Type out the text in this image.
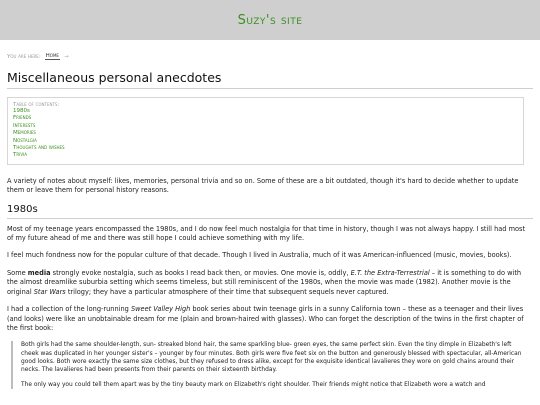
Suzy's site
You are here: Home →
Miscellaneous personal anecdotes
Table of contents:
1980s
Friends
Interests
Memories
Nostalgia
Thoughts and wishes
Trivia

A variety of notes about myself: likes, memories, personal trivia and so on. Some of these are a bit outdated, though it's hard to decide whether to update them or leave them for personal history reasons.

1980s

Most of my teenage years encompassed the 1980s, and I do now feel much nostalgia for that time in history, though I was not always happy. I still had most of my future ahead of me and there was still hope I could achieve something with my life.

I feel much fondness now for the popular culture of that decade. Though I lived in Australia, much of it was American-influenced (music, movies, books).

Some media strongly evoke nostalgia, such as books I read back then, or movies. One movie is, oddly, E.T. the Extra-Terrestrial – it is something to do with the almost dreamlike suburbia setting which seems timeless, but still reminiscent of the 1980s, when the movie was made (1982). Another movie is the original Star Wars trilogy; they have a particular atmosphere of their time that subsequent sequels never captured.

I had a collection of the long-running Sweet Valley High book series about twin teenage girls in a sunny California town – these as a teenager and their lives (and looks) were like an unobtainable dream for me (plain and brown-haired with glasses). Who can forget the description of the twins in the first chapter of the first book:

Both girls had the same shoulder-length, sun- streaked blond hair, the same sparkling blue- green eyes, the same perfect skin. Even the tiny dimple in Elizabeth's left cheek was duplicated in her younger sister's – younger by four minutes. Both girls were five feet six on the button and generously blessed with spectacular, all-American good looks. Both wore exactly the same size clothes, but they refused to dress alike, except for the exquisite identical lavalieres they wore on gold chains around their necks. The lavalieres had been presents from their parents on their sixteenth birthday.

The only way you could tell them apart was by the tiny beauty mark on Elizabeth's right shoulder. Their friends might notice that Elizabeth wore a watch and
